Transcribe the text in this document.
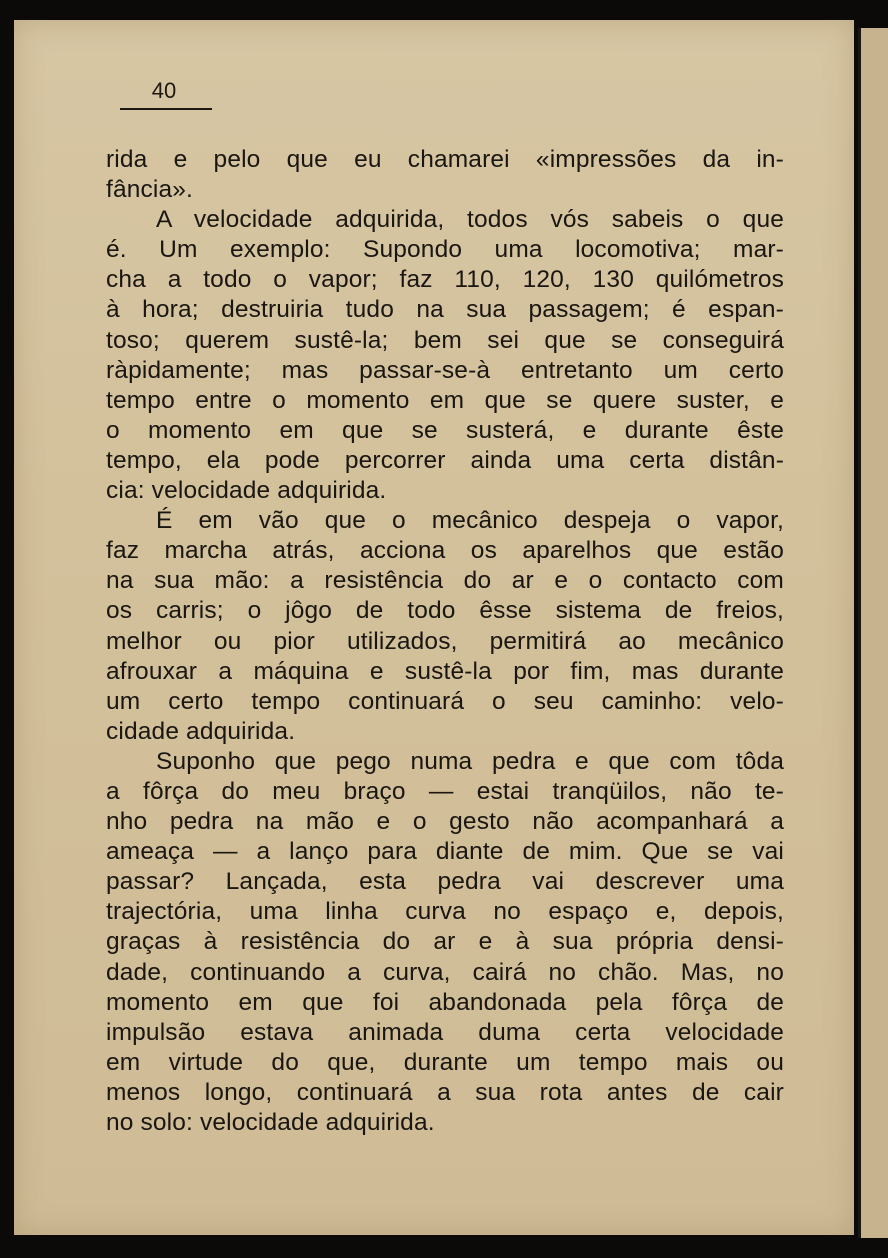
40
rida e pelo que eu chamarei «impressões da in-
fância».
A velocidade adquirida, todos vós sabeis o que
é. Um exemplo: Supondo uma locomotiva; mar-
cha a todo o vapor; faz 110, 120, 130 quilómetros
à hora; destruiria tudo na sua passagem; é espan-
toso; querem sustê-la; bem sei que se conseguirá
ràpidamente; mas passar-se-à entretanto um certo
tempo entre o momento em que se quere suster, e
o momento em que se susterá, e durante êste
tempo, ela pode percorrer ainda uma certa distân-
cia: velocidade adquirida.
É em vão que o mecânico despeja o vapor,
faz marcha atrás, acciona os aparelhos que estão
na sua mão: a resistência do ar e o contacto com
os carris; o jôgo de todo êsse sistema de freios,
melhor ou pior utilizados, permitirá ao mecânico
afrouxar a máquina e sustê-la por fim, mas durante
um certo tempo continuará o seu caminho: velo-
cidade adquirida.
Suponho que pego numa pedra e que com tôda
a fôrça do meu braço — estai tranqüilos, não te-
nho pedra na mão e o gesto não acompanhará a
ameaça — a lanço para diante de mim. Que se vai
passar? Lançada, esta pedra vai descrever uma
trajectória, uma linha curva no espaço e, depois,
graças à resistência do ar e à sua própria densi-
dade, continuando a curva, cairá no chão. Mas, no
momento em que foi abandonada pela fôrça de
impulsão estava animada duma certa velocidade
em virtude do que, durante um tempo mais ou
menos longo, continuará a sua rota antes de cair
no solo: velocidade adquirida.
